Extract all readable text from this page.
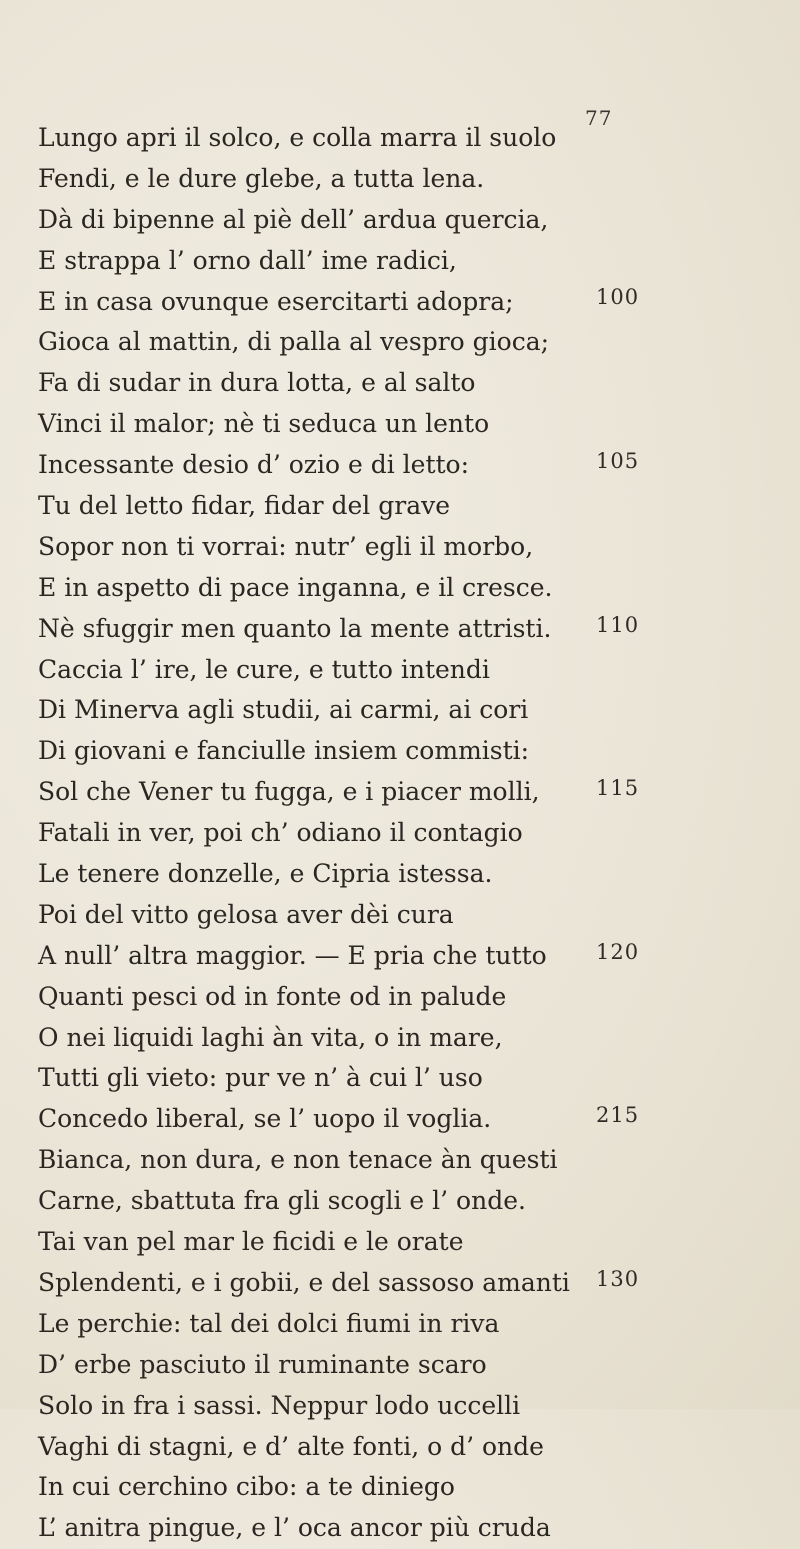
77
Lungo apri il solco, e colla marra il suolo
Fendi, e le dure glebe, a tutta lena.
Dà di bipenne al piè dell’ ardua quercia,
E strappa l’ orno dall’ ime radici,
E in casa ovunque esercitarti adopra;
Gioca al mattin, di palla al vespro gioca;
Fa di sudar in dura lotta, e al salto
Vinci il malor; nè ti seduca un lento
Incessante desio d’ ozio e di letto:
Tu del letto fidar, fidar del grave
Sopor non ti vorrai: nutr’ egli il morbo,
E in aspetto di pace inganna, e il cresce.
Nè sfuggir men quanto la mente attristi.
Caccia l’ ire, le cure, e tutto intendi
Di Minerva agli studii, ai carmi, ai cori
Di giovani e fanciulle insiem commisti:
Sol che Vener tu fugga, e i piacer molli,
Fatali in ver, poi ch’ odiano il contagio
Le tenere donzelle, e Cipria istessa.
Poi del vitto gelosa aver dèi cura
A null’ altra maggior. — E pria che tutto
Quanti pesci od in fonte od in palude
O nei liquidi laghi àn vita, o in mare,
Tutti gli vieto: pur ve n’ à cui l’ uso
Concedo liberal, se l’ uopo il voglia.
Bianca, non dura, e non tenace àn questi
Carne, sbattuta fra gli scogli e l’ onde.
Tai van pel mar le ficidi e le orate
Splendenti, e i gobii, e del sassoso amanti
Le perchie: tal dei dolci fiumi in riva
D’ erbe pasciuto il ruminante scaro
Solo in fra i sassi. Neppur lodo uccelli
Vaghi di stagni, e d’ alte fonti, o d’ onde
In cui cerchino cibo: a te diniego
L’ anitra pingue, e l’ oca ancor più cruda
100
105
110
115
120
215
130
